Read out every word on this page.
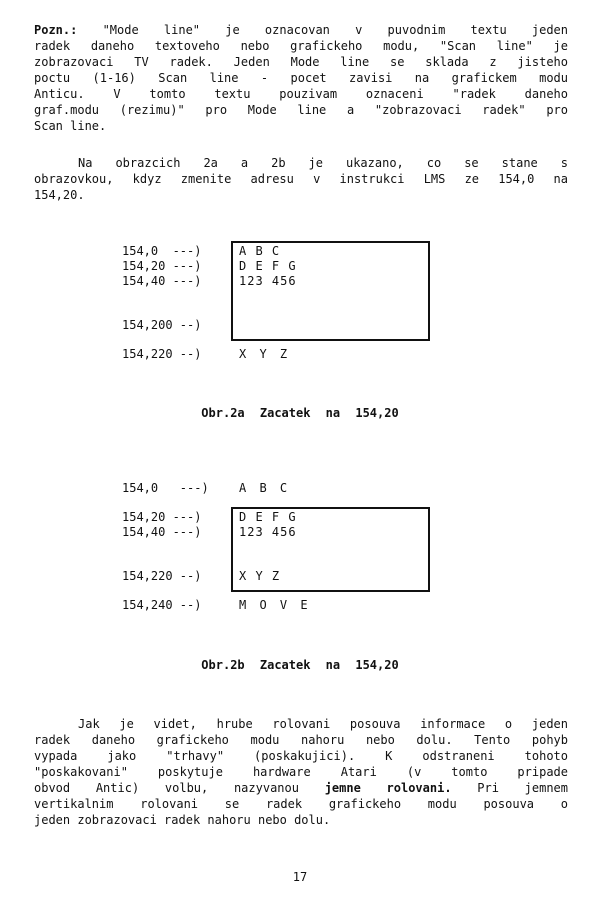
Pozn.: "Mode line" je oznacovan v puvodnim textu jeden
radek daneho textoveho nebo grafickeho modu, "Scan line" je
zobrazovaci TV radek. Jeden Mode line se sklada z jisteho
poctu (1-16) Scan line - pocet zavisi na grafickem modu
Anticu. V tomto textu pouzivam oznaceni "radek daneho
graf.modu (rezimu)" pro Mode line a "zobrazovaci radek" pro
Scan line.
Na obrazcich 2a a 2b je ukazano, co se stane s
obrazovkou, kdyz zmenite adresu v instrukci LMS ze 154,0 na
154,20.
154,0  ---)
154,20 ---)
154,40 ---)
154,200 --)
154,220 --)
A B C
D E F G
123 456
X Y Z
Obr.2a Zacatek na 154,20
154,0   ---)	A B C
154,20 ---)
154,40 ---)
154,220 --)
154,240 --)
D E F G
123 456
X Y Z
M O V E
Obr.2b Zacatek na 154,20
Jak je videt, hrube rolovani posouva informace o jeden
radek daneho grafickeho modu nahoru nebo dolu. Tento pohyb
vypada jako "trhavy" (poskakujici). K odstraneni tohoto
"poskakovani" poskytuje hardware Atari (v tomto pripade
obvod Antic) volbu, nazyvanou jemne rolovani. Pri jemnem
vertikalnim rolovani se radek grafickeho modu posouva o
jeden zobrazovaci radek nahoru nebo dolu.
17
